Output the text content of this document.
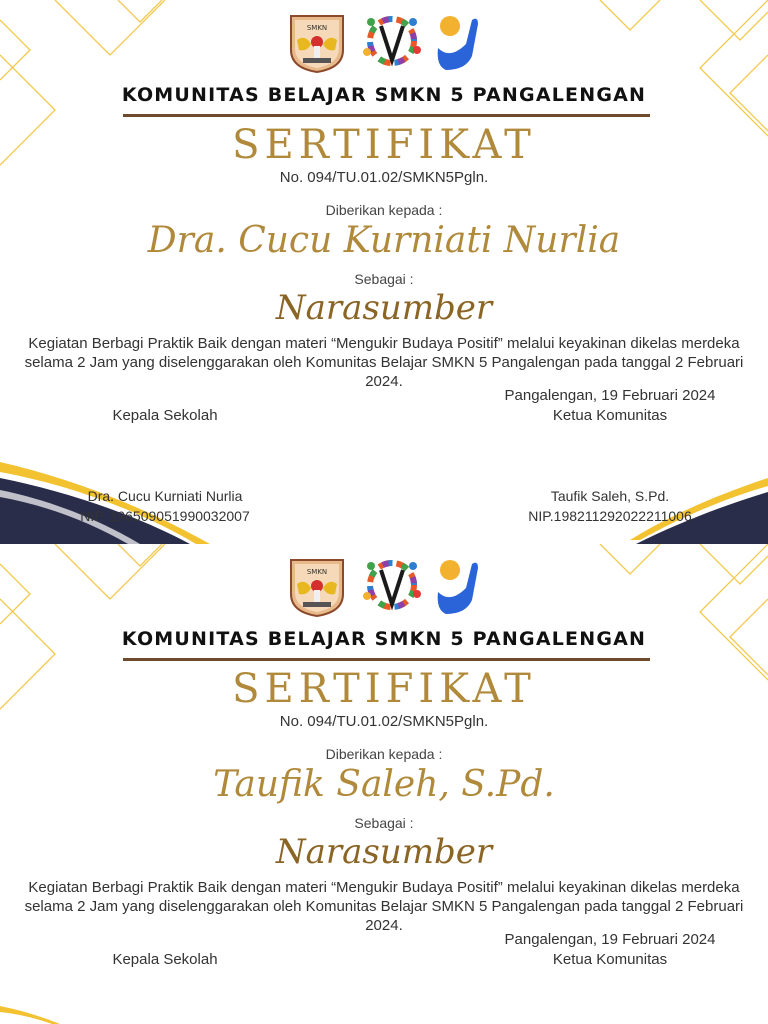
SMKN
KOMUNITAS BELAJAR SMKN 5 PANGALENGAN
SERTIFIKAT
No. 094/TU.01.02/SMKN5Pgln.
Diberikan kepada :
Dra. Cucu Kurniati Nurlia
Sebagai :
Narasumber
Kegiatan Berbagi Praktik Baik dengan materi “Mengukir Budaya Positif” melalui keyakinan dikelas merdeka selama 2 Jam yang diselenggarakan oleh Komunitas Belajar SMKN 5 Pangalengan pada tanggal 2 Februari 2024.
Pangalengan, 19 Februari 2024
Kepala Sekolah	Ketua Komunitas
Dra. Cucu Kurniati Nurlia
NIP. 196509051990032007
Taufik Saleh, S.Pd.
NIP.198211292022211006
SMKN
KOMUNITAS BELAJAR SMKN 5 PANGALENGAN
SERTIFIKAT
No. 094/TU.01.02/SMKN5Pgln.
Diberikan kepada :
Taufik Saleh, S.Pd.
Sebagai :
Narasumber
Kegiatan Berbagi Praktik Baik dengan materi “Mengukir Budaya Positif” melalui keyakinan dikelas merdeka selama 2 Jam yang diselenggarakan oleh Komunitas Belajar SMKN 5 Pangalengan pada tanggal 2 Februari 2024.
Pangalengan, 19 Februari 2024
Kepala Sekolah	Ketua Komunitas
